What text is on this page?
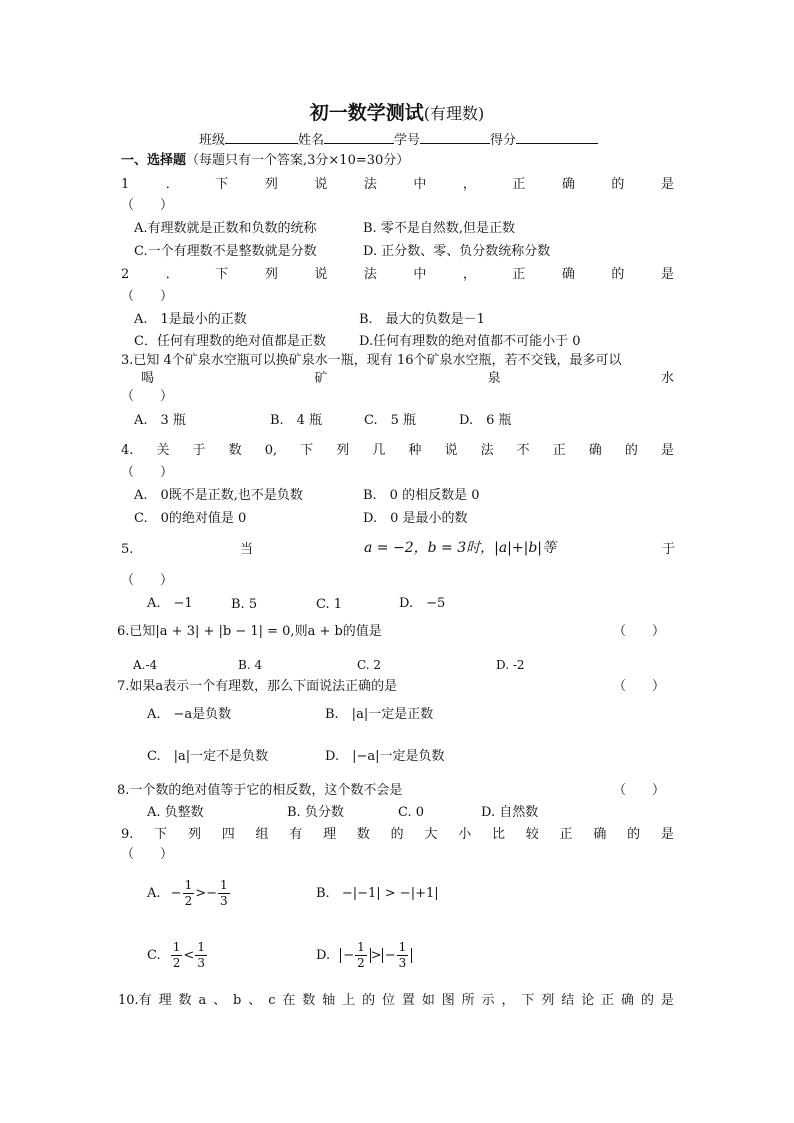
初一数学测试(有理数)
班级	姓名	学号	得分
一、选择题（每题只有一个答案,3分×10=30分）
1	．	下	列	说	法	中	，	正	确	的	是
（　　）
A.有理数就是正数和负数的统称	B. 零不是自然数,但是正数
C.一个有理数不是整数就是分数	D. 正分数、零、负分数统称分数
2	．	下	列	说	法	中	，	正	确	的	是
（　　）
A.　1是最小的正数	B.　最大的负数是－1
C．任何有理数的绝对值都是正数	D.任何有理数的绝对值都不可能小于 0
3.已知 4个矿泉水空瓶可以换矿泉水一瓶，现有 16个矿泉水空瓶，若不交钱，最多可以
喝	矿	泉	水
（　　）
A.　3 瓶	B.　4 瓶	C.　5 瓶	D.　6 瓶
4. 关 于 数 0, 下 列 几 种 说 法 不 正 确 的 是
（　　）
A.　0既不是正数,也不是负数	B.　0 的相反数是 0
C.　0的绝对值是 0	D.　0 是最小的数
5.	当	a = −2，b = 3时，|a|+|b|等	于
（　　）
A.　−1	B. 5	C. 1	D.　−5
6.已知|a + 3| + |b − 1| = 0,则a + b的值是	（　　）
A.-4	B. 4	C. 2	D. -2
7.如果a表示一个有理数，那么下面说法正确的是	（　　）
A.　−a是负数	B.　|a|一定是正数
C.　|a|一定不是负数	D.　|−a|一定是负数
8.一个数的绝对值等于它的相反数，这个数不会是	（　　）
A. 负整数	B. 负分数	C. 0	D. 自然数
9. 下 列 四 组 有 理 数 的 大 小 比 较 正 确 的 是
（　　）
A. − $\frac{1}{2} >- \frac{1}{3}$	B. −|−1| > −|+1|
C. $\frac{1}{2} < \frac{1}{3}$	D. − $\frac{1}{2}$ > − $\frac{1}{3}$
10.有 理 数 a 、 b 、 c 在 数 轴 上 的 位 置 如 图 所 示 ， 下 列 结 论 正 确 的 是
